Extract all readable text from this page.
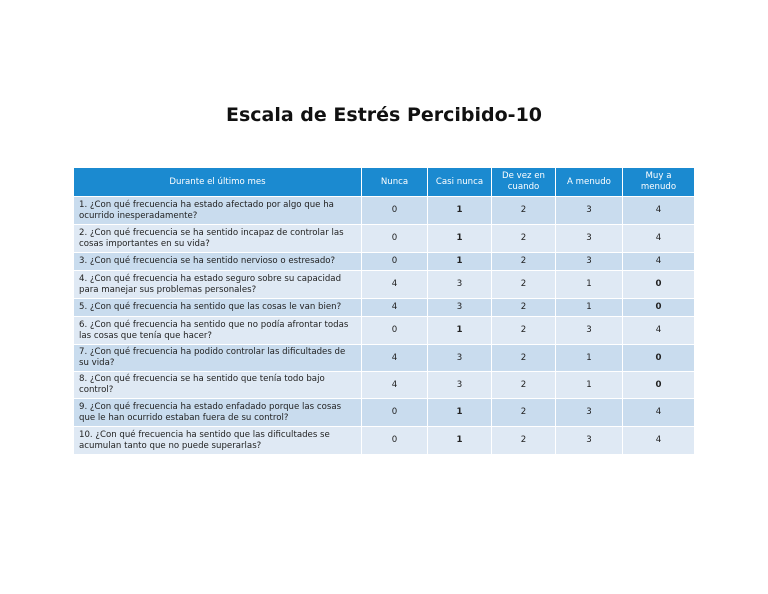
Escala de Estrés Percibido-10
Durante el último mes	Nunca	Casi nunca	De vez en cuando	A menudo	Muy a menudo
1. ¿Con qué frecuencia ha estado afectado por algo que ha ocurrido inesperadamente?	0	1	2	3	4
2. ¿Con qué frecuencia se ha sentido incapaz de controlar las cosas importantes en su vida?	0	1	2	3	4
3. ¿Con qué frecuencia se ha sentido nervioso o estresado?	0	1	2	3	4
4. ¿Con qué frecuencia ha estado seguro sobre su capacidad para manejar sus problemas personales?	4	3	2	1	0
5. ¿Con qué frecuencia ha sentido que las cosas le van bien?	4	3	2	1	0
6. ¿Con qué frecuencia ha sentido que no podía afrontar todas las cosas que tenía que hacer?	0	1	2	3	4
7. ¿Con qué frecuencia ha podido controlar las dificultades de su vida?	4	3	2	1	0
8. ¿Con qué frecuencia se ha sentido que tenía todo bajo control?	4	3	2	1	0
9. ¿Con qué frecuencia ha estado enfadado porque las cosas que le han ocurrido estaban fuera de su control?	0	1	2	3	4
10. ¿Con qué frecuencia ha sentido que las dificultades se acumulan tanto que no puede superarlas?	0	1	2	3	4
